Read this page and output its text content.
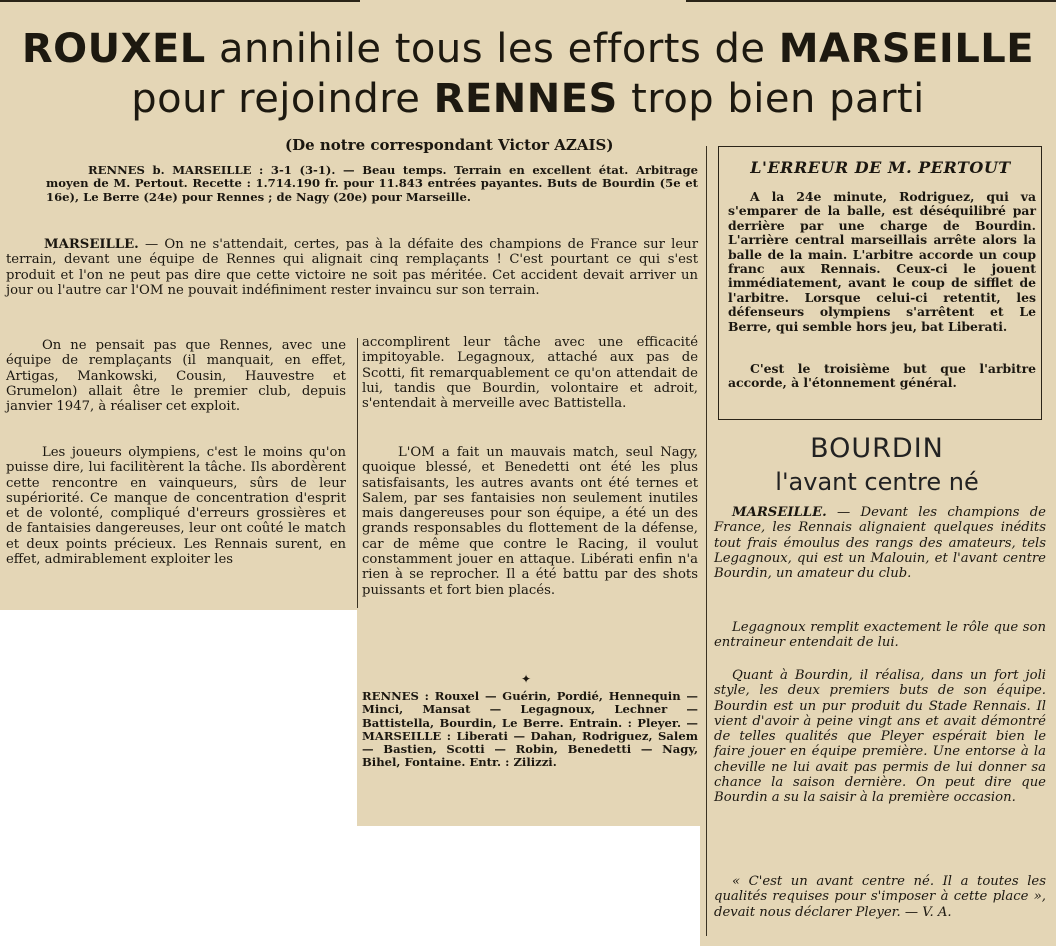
ROUXEL annihile tous les efforts de MARSEILLE
pour rejoindre RENNES trop bien parti
(De notre correspondant Victor AZAIS)

RENNES b. MARSEILLE : 3-1 (3-1). — Beau temps. Terrain en excellent état. Arbitrage moyen de M. Pertout. Recette : 1.714.190 fr. pour 11.843 entrées payantes. Buts de Bourdin (5e et 16e), Le Berre (24e) pour Rennes ; de Nagy (20e) pour Marseille.

MARSEILLE. — On ne s'attendait, certes, pas à la défaite des champions de France sur leur terrain, devant une équipe de Rennes qui alignait cinq remplaçants ! C'est pourtant ce qui s'est produit et l'on ne peut pas dire que cette victoire ne soit pas méritée. Cet accident devait arriver un jour ou l'autre car l'OM ne pouvait indéfiniment rester invaincu sur son terrain.

On ne pensait pas que Rennes, avec une équipe de remplaçants (il manquait, en effet, Artigas, Mankowski, Cousin, Hauvestre et Grumelon) allait être le premier club, depuis janvier 1947, à réaliser cet exploit.

Les joueurs olympiens, c'est le moins qu'on puisse dire, lui facilitèrent la tâche. Ils abordèrent cette rencontre en vainqueurs, sûrs de leur supériorité. Ce manque de concentration d'esprit et de volonté, compliqué d'erreurs grossières et de fantaisies dangereuses, leur ont coûté le match et deux points précieux. Les Rennais surent, en effet, admirablement exploiter les

accomplirent leur tâche avec une efficacité impitoyable. Legagnoux, attaché aux pas de Scotti, fit remarquablement ce qu'on attendait de lui, tandis que Bourdin, volontaire et adroit, s'entendait à merveille avec Battistella.

L'OM a fait un mauvais match, seul Nagy, quoique blessé, et Benedetti ont été les plus satisfaisants, les autres avants ont été ternes et Salem, par ses fantaisies non seulement inutiles mais dangereuses pour son équipe, a été un des grands responsables du flottement de la défense, car de même que contre le Racing, il voulut constamment jouer en attaque. Libérati enfin n'a rien à se reprocher. Il a été battu par des shots puissants et fort bien placés.

✦

RENNES : Rouxel — Guérin, Pordié, Hennequin — Minci, Mansat — Legagnoux, Lechner — Battistella, Bourdin, Le Berre. Entrain. : Pleyer. — MARSEILLE : Liberati — Dahan, Rodriguez, Salem — Bastien, Scotti — Robin, Benedetti — Nagy, Bihel, Fontaine. Entr. : Zilizzi.

L'ERREUR DE M. PERTOUT

A la 24e minute, Rodriguez, qui va s'emparer de la balle, est déséquilibré par derrière par une charge de Bourdin. L'arrière central marseillais arrête alors la balle de la main. L'arbitre accorde un coup franc aux Rennais. Ceux-ci le jouent immédiatement, avant le coup de sifflet de l'arbitre. Lorsque celui-ci retentit, les défenseurs olympiens s'arrêtent et Le Berre, qui semble hors jeu, bat Liberati.

C'est le troisième but que l'arbitre accorde, à l'étonnement général.

BOURDIN
l'avant centre né

MARSEILLE. — Devant les champions de France, les Rennais alignaient quelques inédits tout frais émoulus des rangs des amateurs, tels Legagnoux, qui est un Malouin, et l'avant centre Bourdin, un amateur du club.

Legagnoux remplit exactement le rôle que son entraineur entendait de lui.

Quant à Bourdin, il réalisa, dans un fort joli style, les deux premiers buts de son équipe. Bourdin est un pur produit du Stade Rennais. Il vient d'avoir à peine vingt ans et avait démontré de telles qualités que Pleyer espérait bien le faire jouer en équipe première. Une entorse à la cheville ne lui avait pas permis de lui donner sa chance la saison dernière. On peut dire que Bourdin a su la saisir à la première occasion.

« C'est un avant centre né. Il a toutes les qualités requises pour s'imposer à cette place », devait nous déclarer Pleyer. — V. A.
